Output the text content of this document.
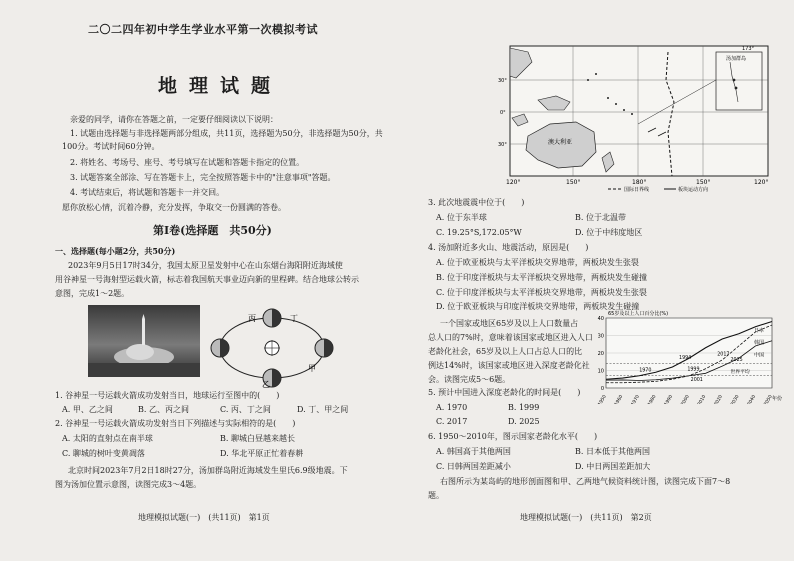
二〇二四年初中学生学业水平第一次模拟考试
地理试题
亲爱的同学，请你在答题之前，一定要仔细阅读以下说明：
1. 试题由选择题与非选择题两部分组成，共11页，选择题为50分，非选择题为50分，共
100分。考试时间60分钟。
2. 将姓名、考场号、座号、考号填写在试题和答题卡指定的位置。
3. 试题答案全部涂、写在答题卡上，完全按照答题卡中的"注意事项"答题。
4. 考试结束后，将试题和答题卡一并交回。
愿你放松心情，沉着冷静，充分发挥，争取交一份圆满的答卷。
第Ⅰ卷(选择题　共50分)
一、选择题(每小题2分，共50分)
2023年9月5日17时34分，我国太原卫星发射中心在山东烟台海阳附近海域使
用谷神星一号海射型运载火箭，标志着我国航天事业迈向新的里程碑。结合地球公转示
意图，完成1～2题。
丁
丙
乙
甲
1. 谷神星一号运载火箭成功发射当日，地球运行至图中的(　　)
A. 甲、乙之间	B. 乙、丙之间	C. 丙、丁之间	D. 丁、甲之间
2. 谷神星一号运载火箭成功发射当日下列描述与实际相符的是(　　)
A. 太阳的直射点在南半球	B. 聊城白昼越来越长
C. 聊城的树叶变黄凋落	D. 华北平原正忙着春耕
北京时间2023年7月2日18时27分，汤加群岛附近海域发生里氏6.9级地震。下
图为汤加位置示意图，读图完成3～4题。
地理模拟试题(一)　(共11页)　第1页
澳大利亚
汤加群岛
173°
120°	150°	180°	150°	120°
30°
0°
30°
国际日界线	板块运动方向
3. 此次地震震中位于(　　)
A. 位于东半球	B. 位于北温带
C. 19.25°S,172.05°W	D. 位于中纬度地区
4. 汤加附近多火山、地震活动，原因是(　　)
A. 位于欧亚板块与太平洋板块交界地带，两板块发生张裂
B. 位于印度洋板块与太平洋板块交界地带，两板块发生碰撞
C. 位于印度洋板块与太平洋板块交界地带，两板块发生张裂
D. 位于欧亚板块与印度洋板块交界地带，两板块发生碰撞
一个国家或地区65岁及以上人口数量占
总人口的7%时，意味着该国家或地区进入人口
老龄化社会，65岁及以上人口占总人口的比
例达14%时，该国家或地区进入深度老龄化社
会。读图完成5～6题。
65岁及以上人口百分比(%)
年份
0
10
20
30
40
1950 1960 1970 1980 1990 2000 2010 2020 2030 2040 2050
日本
韩国
中国
1970
1994
2017
1999
2001
2025
世界平均
5. 预计中国进入深度老龄化的时间是(　　)
A. 1970	B. 1999
C. 2017	D. 2025
6. 1950～2010年，图示国家老龄化水平(　　)
A. 韩国高于其他两国	B. 日本低于其他两国
C. 日韩两国差距减小	D. 中日两国差距加大
右图所示为某岛屿的地形剖面图和甲、乙两地气候资料统计图，读图完成下面7～8
题。
地理模拟试题(一)　(共11页)　第2页
